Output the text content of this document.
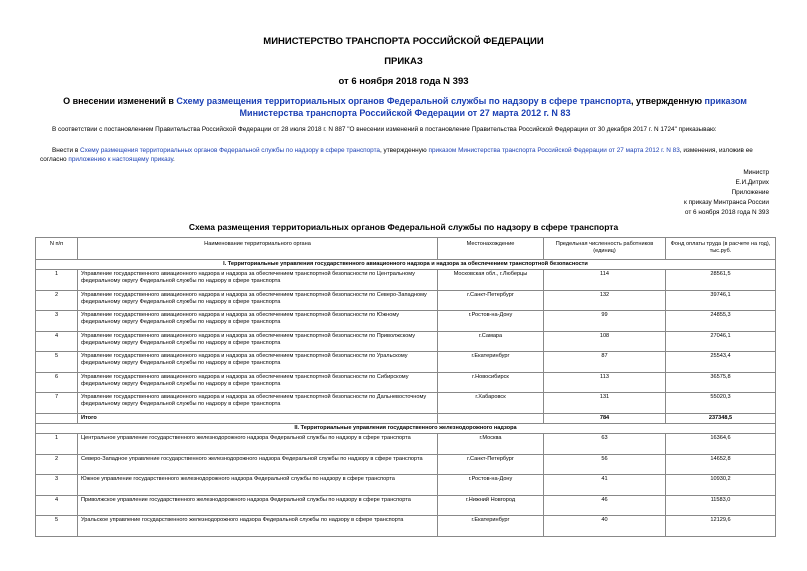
МИНИСТЕРСТВО ТРАНСПОРТА РОССИЙСКОЙ ФЕДЕРАЦИИ
ПРИКАЗ
от 6 ноября 2018 года N 393
О внесении изменений в Схему размещения территориальных органов Федеральной службы по надзору в сфере транспорта, утвержденную приказом Министерства транспорта Российской Федерации от 27 марта 2012 г. N 83
В соответствии с постановлением Правительства Российской Федерации от 28 июля 2018 г. N 887 "О внесении изменений в постановление Правительства Российской Федерации от 30 декабря 2017 г. N 1724" приказываю:
Внести в Схему размещения территориальных органов Федеральной службы по надзору в сфере транспорта, утвержденную приказом Министерства транспорта Российской Федерации от 27 марта 2012 г. N 83, изменения, изложив ее согласно приложению к настоящему приказу.
Министр
Е.И.Дитрих
Приложение
к приказу Минтранса России
от 6 ноября 2018 года N 393
Схема размещения территориальных органов Федеральной службы по надзору в сфере транспорта
N п/п	Наименование территориального органа	Местонахождение	Предельная численность работников (единиц)	Фонд оплаты труда (в расчете на год), тыс.руб.
I. Территориальные управления государственного авиационного надзора и надзора за обеспечением транспортной безопасности				
1	Управление государственного авиационного надзора и надзора за обеспечением транспортной безопасности по Центральному федеральному округу Федеральной службы по надзору в сфере транспорта	Московская обл., г.Люберцы	114	28561,5
2	Управление государственного авиационного надзора и надзора за обеспечением транспортной безопасности по Северо-Западному федеральному округу Федеральной службы по надзору в сфере транспорта	г.Санкт-Петербург	132	39746,1
3	Управление государственного авиационного надзора и надзора за обеспечением транспортной безопасности по Южному федеральному округу Федеральной службы по надзору в сфере транспорта	г.Ростов-на-Дону	99	24855,3
4	Управление государственного авиационного надзора и надзора за обеспечением транспортной безопасности по Приволжскому федеральному округу Федеральной службы по надзору в сфере транспорта	г.Самара	108	27046,1
5	Управление государственного авиационного надзора и надзора за обеспечением транспортной безопасности по Уральскому федеральному округу Федеральной службы по надзору в сфере транспорта	г.Екатеринбург	87	25543,4
6	Управление государственного авиационного надзора и надзора за обеспечением транспортной безопасности по Сибирскому федеральному округу Федеральной службы по надзору в сфере транспорта	г.Новосибирск	113	36575,8
7	Управление государственного авиационного надзора и надзора за обеспечением транспортной безопасности по Дальневосточному федеральному округу Федеральной службы по надзору в сфере транспорта	г.Хабаровск	131	55020,3
	Итого		784	237348,5
II. Территориальные управления государственного железнодорожного надзора				
1	Центральное управление государственного железнодорожного надзора Федеральной службы по надзору в сфере транспорта	г.Москва	63	16364,6
2	Северо-Западное управление государственного железнодорожного надзора Федеральной службы по надзору в сфере транспорта	г.Санкт-Петербург	56	14652,8
3	Южное управление государственного железнодорожного надзора Федеральной службы по надзору в сфере транспорта	г.Ростов-на-Дону	41	10930,2
4	Приволжское управление государственного железнодорожного надзора Федеральной службы по надзору в сфере транспорта	г.Нижний Новгород	46	11583,0
5	Уральское управление государственного железнодорожного надзора Федеральной службы по надзору в сфере транспорта	г.Екатеринбург	40	12129,6
